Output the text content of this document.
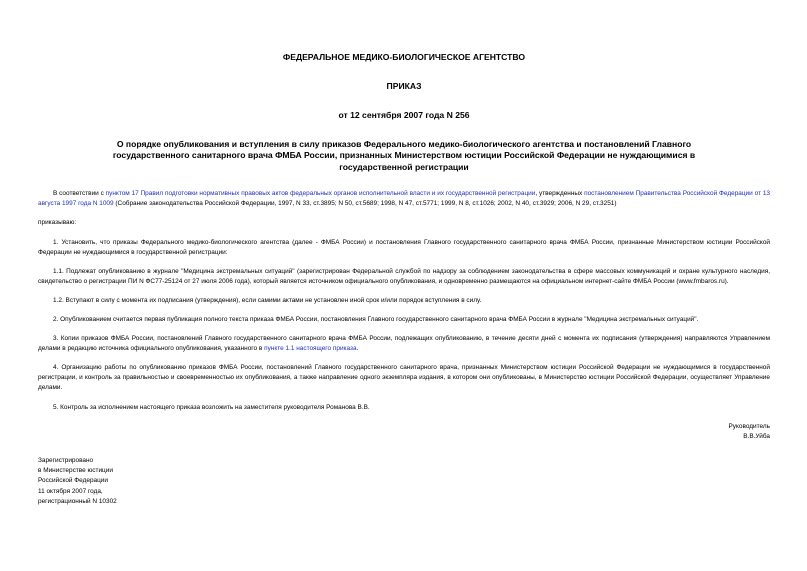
ФЕДЕРАЛЬНОЕ МЕДИКО-БИОЛОГИЧЕСКОЕ АГЕНТСТВО
ПРИКАЗ
от 12 сентября 2007 года N 256
О порядке опубликования и вступления в силу приказов Федерального медико-биологического агентства и постановлений Главного государственного санитарного врача ФМБА России, признанных Министерством юстиции Российской Федерации не нуждающимися в государственной регистрации

В соответствии с пунктом 17 Правил подготовки нормативных правовых актов федеральных органов исполнительной власти и их государственной регистрации, утвержденных постановлением Правительства Российской Федерации от 13 августа 1997 года N 1009 (Собрание законодательства Российской Федерации, 1997, N 33, ст.3895; N 50, ст.5689; 1998, N 47, ст.5771; 1999, N 8, ст.1026; 2002, N 40, ст.3929; 2006, N 29, ст.3251)

приказываю:

1. Установить, что приказы Федерального медико-биологического агентства (далее - ФМБА России) и постановления Главного государственного санитарного врача ФМБА России, признанные Министерством юстиции Российской Федерации не нуждающимися в государственной регистрации:

1.1. Подлежат опубликованию в журнале "Медицина экстремальных ситуаций" (зарегистрирован Федеральной службой по надзору за соблюдением законодательства в сфере массовых коммуникаций и охране культурного наследия, свидетельство о регистрации ПИ N ФС77-25124 от 27 июля 2006 года), который является источником официального опубликования, и одновременно размещаются на официальном интернет-сайте ФМБА России (www.fmbaros.ru).

1.2. Вступают в силу с момента их подписания (утверждения), если самими актами не установлен иной срок и/или порядок вступления в силу.

2. Опубликованием считается первая публикация полного текста приказа ФМБА России, постановления Главного государственного санитарного врача ФМБА России в журнале "Медицина экстремальных ситуаций".

3. Копии приказов ФМБА России, постановлений Главного государственного санитарного врача ФМБА России, подлежащих опубликованию, в течение десяти дней с момента их подписания (утверждения) направляются Управлением делами в редакцию источника официального опубликования, указанного в пункте 1.1 настоящего приказа.

4. Организацию работы по опубликованию приказов ФМБА России, постановлений Главного государственного санитарного врача, признанных Министерством юстиции Российской Федерации не нуждающимися в государственной регистрации, и контроль за правильностью и своевременностью их опубликования, а также направление одного экземпляра издания, в котором они опубликованы, в Министерство юстиции Российской Федерации, осуществляет Управление делами.

5. Контроль за исполнением настоящего приказа возложить на заместителя руководителя Романова В.В.

Руководитель
В.В.Уйба
Зарегистрировано
в Министерстве юстиции
Российской Федерации
11 октября 2007 года,
регистрационный N 10302
